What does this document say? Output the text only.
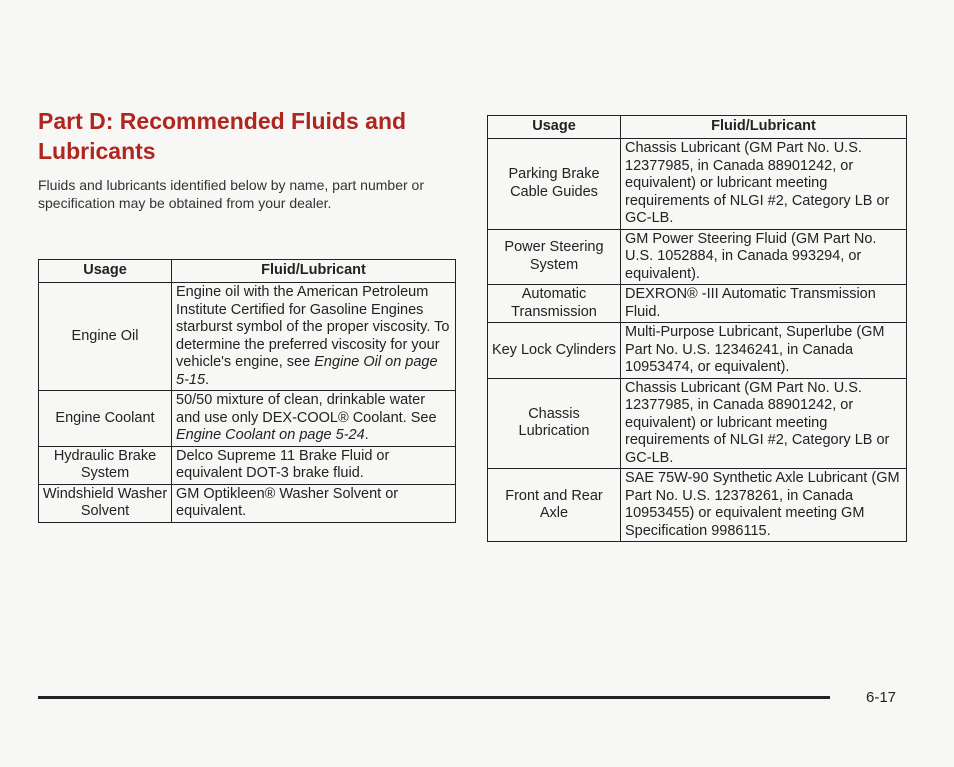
Part D: Recommended Fluids and Lubricants

Fluids and lubricants identified below by name, part number or specification may be obtained from your dealer.

Usage	Fluid/Lubricant
Engine Oil	Engine oil with the American Petroleum Institute Certified for Gasoline Engines starburst symbol of the proper viscosity. To determine the preferred viscosity for your vehicle's engine, see Engine Oil on page 5-15.
Engine Coolant	50/50 mixture of clean, drinkable water and use only DEX-COOL® Coolant. See Engine Coolant on page 5-24.
Hydraulic Brake System	Delco Supreme 11 Brake Fluid or equivalent DOT-3 brake fluid.
Windshield Washer Solvent	GM Optikleen® Washer Solvent or equivalent.
Usage	Fluid/Lubricant
Parking Brake Cable Guides	Chassis Lubricant (GM Part No. U.S. 12377985, in Canada 88901242, or equivalent) or lubricant meeting requirements of NLGI #2, Category LB or GC-LB.
Power Steering System	GM Power Steering Fluid (GM Part No. U.S. 1052884, in Canada 993294, or equivalent).
Automatic Transmission	DEXRON® -III Automatic Transmission Fluid.
Key Lock Cylinders	Multi-Purpose Lubricant, Superlube (GM Part No. U.S. 12346241, in Canada 10953474, or equivalent).
Chassis Lubrication	Chassis Lubricant (GM Part No. U.S. 12377985, in Canada 88901242, or equivalent) or lubricant meeting requirements of NLGI #2, Category LB or GC-LB.
Front and Rear Axle	SAE 75W-90 Synthetic Axle Lubricant (GM Part No. U.S. 12378261, in Canada 10953455) or equivalent meeting GM Specification 9986115.
6-17
